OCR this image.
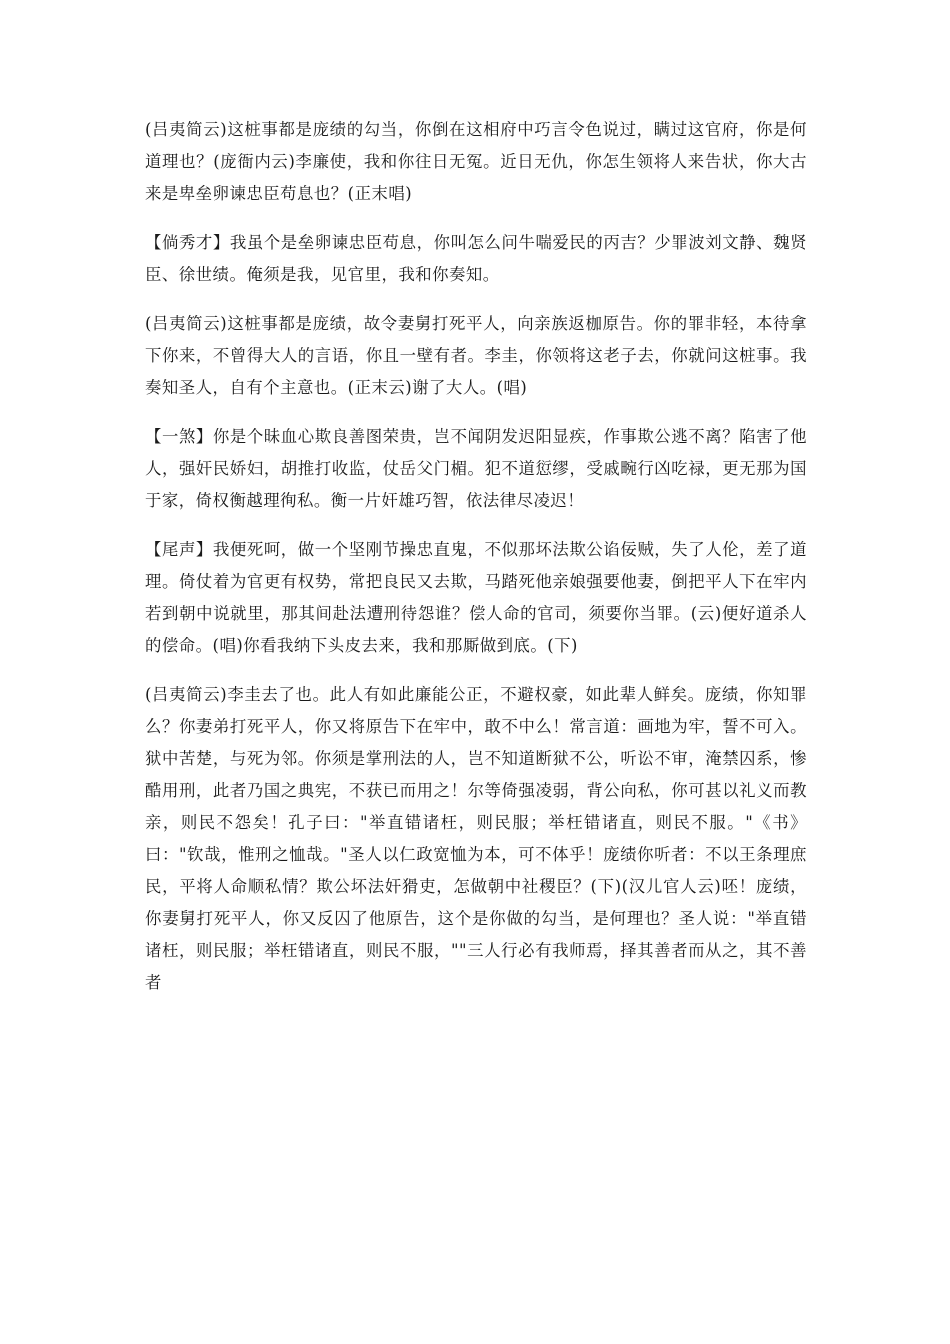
(吕夷简云)这桩事都是庞绩的勾当，你倒在这相府中巧言令色说过，瞒过这官府，你是何道理也？(庞衙内云)李廉使，我和你往日无冤。近日无仇，你怎生领将人来告状，你大古来是卑垒卵谏忠臣苟息也？(正末唱)

【倘秀才】我虽个是垒卵谏忠臣苟息，你叫怎么问牛喘爱民的丙吉？少罪波刘文静、魏贤臣、徐世绩。俺须是我，见官里，我和你奏知。

(吕夷简云)这桩事都是庞绩，故令妻舅打死平人，向亲族返枷原告。你的罪非轻，本待拿下你来，不曾得大人的言语，你且一壁有者。李圭，你领将这老子去，你就问这桩事。我奏知圣人，自有个主意也。(正末云)谢了大人。(唱)

【一煞】你是个昧血心欺良善图荣贵，岂不闻阴发迟阳显疾，作事欺公逃不离？陷害了他人，强奸民娇妇，胡推打收监，仗岳父门楣。犯不道愆缪，受戚畹行凶吃禄，更无那为国于家，倚权衡越理徇私。衡一片奸雄巧智，依法律尽凌迟！

【尾声】我便死呵，做一个坚刚节操忠直鬼，不似那坏法欺公谄佞贼，失了人伦，差了道理。倚仗着为官更有权势，常把良民又去欺，马踏死他亲娘强要他妻，倒把平人下在牢内若到朝中说就里，那其间赴法遭刑待怨谁？偿人命的官司，须要你当罪。(云)便好道杀人的偿命。(唱)你看我纳下头皮去来，我和那厮做到底。(下)

(吕夷简云)李圭去了也。此人有如此廉能公正，不避权豪，如此辈人鲜矣。庞绩，你知罪么？你妻弟打死平人，你又将原告下在牢中，敢不中么！常言道：画地为牢，誓不可入。狱中苦楚，与死为邻。你须是掌刑法的人，岂不知道断狱不公，听讼不审，淹禁囚系，惨酷用刑，此者乃国之典宪，不获已而用之！尔等倚强凌弱，背公向私，你可甚以礼义而教亲，则民不怨矣！孔子曰："举直错诸枉，则民服；举枉错诸直，则民不服。"《书》曰："钦哉，惟刑之恤哉。"圣人以仁政宽恤为本，可不体乎！庞绩你听者：不以王条理庶民，平将人命顺私情？欺公坏法奸猾吏，怎做朝中社稷臣？(下)(汉儿官人云)呸！庞绩，你妻舅打死平人，你又反囚了他原告，这个是你做的勾当，是何理也？圣人说："举直错诸枉，则民服；举枉错诸直，则民不服，""三人行必有我师焉，择其善者而从之，其不善者
